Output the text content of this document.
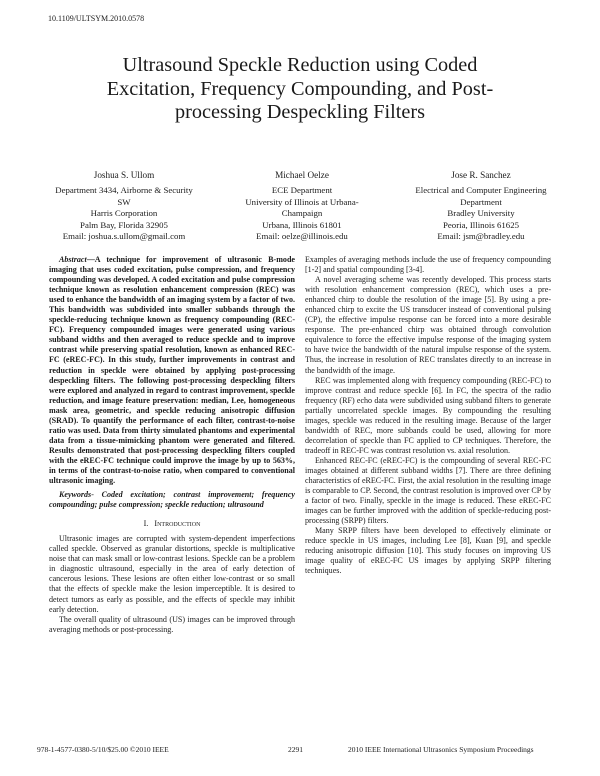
10.1109/ULTSYM.2010.0578
Ultrasound Speckle Reduction using Coded
Excitation, Frequency Compounding, and Post-
processing Despeckling Filters
Joshua S. Ullom
Department 3434, Airborne & Security
SW
Harris Corporation
Palm Bay, Florida 32905
Email: joshua.s.ullom@gmail.com
Michael Oelze
ECE Department
University of Illinois at Urbana-
Champaign
Urbana, Illinois 61801
Email: oelze@illinois.edu
Jose R. Sanchez
Electrical and Computer Engineering
Department
Bradley University
Peoria, Illinois 61625
Email: jsm@bradley.edu

Abstract—A technique for improvement of ultrasonic B-mode imaging that uses coded excitation, pulse compression, and frequency compounding was developed. A coded excitation and pulse compression technique known as resolution enhancement compression (REC) was used to enhance the bandwidth of an imaging system by a factor of two. This bandwidth was subdivided into smaller subbands through the speckle-reducing technique known as frequency compounding (REC-FC). Frequency compounded images were generated using various subband widths and then averaged to reduce speckle and to improve contrast while preserving spatial resolution, known as enhanced REC-FC (eREC-FC). In this study, further improvements in contrast and reduction in speckle were obtained by applying post-processing despeckling filters. The following post-processing despeckling filters were explored and analyzed in regard to contrast improvement, speckle reduction, and image feature preservation: median, Lee, homogeneous mask area, geometric, and speckle reducing anisotropic diffusion (SRAD). To quantify the performance of each filter, contrast-to-noise ratio was used. Data from thirty simulated phantoms and experimental data from a tissue-mimicking phantom were generated and filtered. Results demonstrated that post-processing despeckling filters coupled with the eREC-FC technique could improve the image by up to 563%, in terms of the contrast-to-noise ratio, when compared to conventional ultrasonic imaging.

Keywords- Coded excitation; contrast improvement; frequency compounding; pulse compression; speckle reduction; ultrasound

I. Introduction

Ultrasonic images are corrupted with system-dependent imperfections called speckle. Observed as granular distortions, speckle is multiplicative noise that can mask small or low-contrast lesions. Speckle can be a problem in diagnostic ultrasound, especially in the area of early detection of cancerous lesions. These lesions are often either low-contrast or so small that the effects of speckle make the lesion imperceptible. It is desired to detect tumors as early as possible, and the effects of speckle may inhibit early detection.

The overall quality of ultrasound (US) images can be improved through averaging methods or post-processing.

Examples of averaging methods include the use of frequency compounding [1-2] and spatial compounding [3-4].

A novel averaging scheme was recently developed. This process starts with resolution enhancement compression (REC), which uses a pre-enhanced chirp to double the resolution of the image [5]. By using a pre-enhanced chirp to excite the US transducer instead of conventional pulsing (CP), the effective impulse response can be forced into a more desirable response. The pre-enhanced chirp was obtained through convolution equivalence to force the effective impulse response of the imaging system to have twice the bandwidth of the natural impulse response of the system. Thus, the increase in resolution of REC translates directly to an increase in the bandwidth of the image.

REC was implemented along with frequency compounding (REC-FC) to improve contrast and reduce speckle [6]. In FC, the spectra of the radio frequency (RF) echo data were subdivided using subband filters to generate partially uncorrelated speckle images. By compounding the resulting images, speckle was reduced in the resulting image. Because of the larger bandwidth of REC, more subbands could be used, allowing for more decorrelation of speckle than FC applied to CP techniques. Therefore, the tradeoff in REC-FC was contrast resolution vs. axial resolution.

Enhanced REC-FC (eREC-FC) is the compounding of several REC-FC images obtained at different subband widths [7]. There are three defining characteristics of eREC-FC. First, the axial resolution in the resulting image is comparable to CP. Second, the contrast resolution is improved over CP by a factor of two. Finally, speckle in the image is reduced. These eREC-FC images can be further improved with the addition of speckle-reducing post-processing (SRPP) filters.

Many SRPP filters have been developed to effectively eliminate or reduce speckle in US images, including Lee [8], Kuan [9], and speckle reducing anisotropic diffusion [10]. This study focuses on improving US image quality of eREC-FC US images by applying SRPP filtering techniques.

978-1-4577-0380-5/10/$25.00 ©2010 IEEE	2291	2010 IEEE International Ultrasonics Symposium Proceedings
